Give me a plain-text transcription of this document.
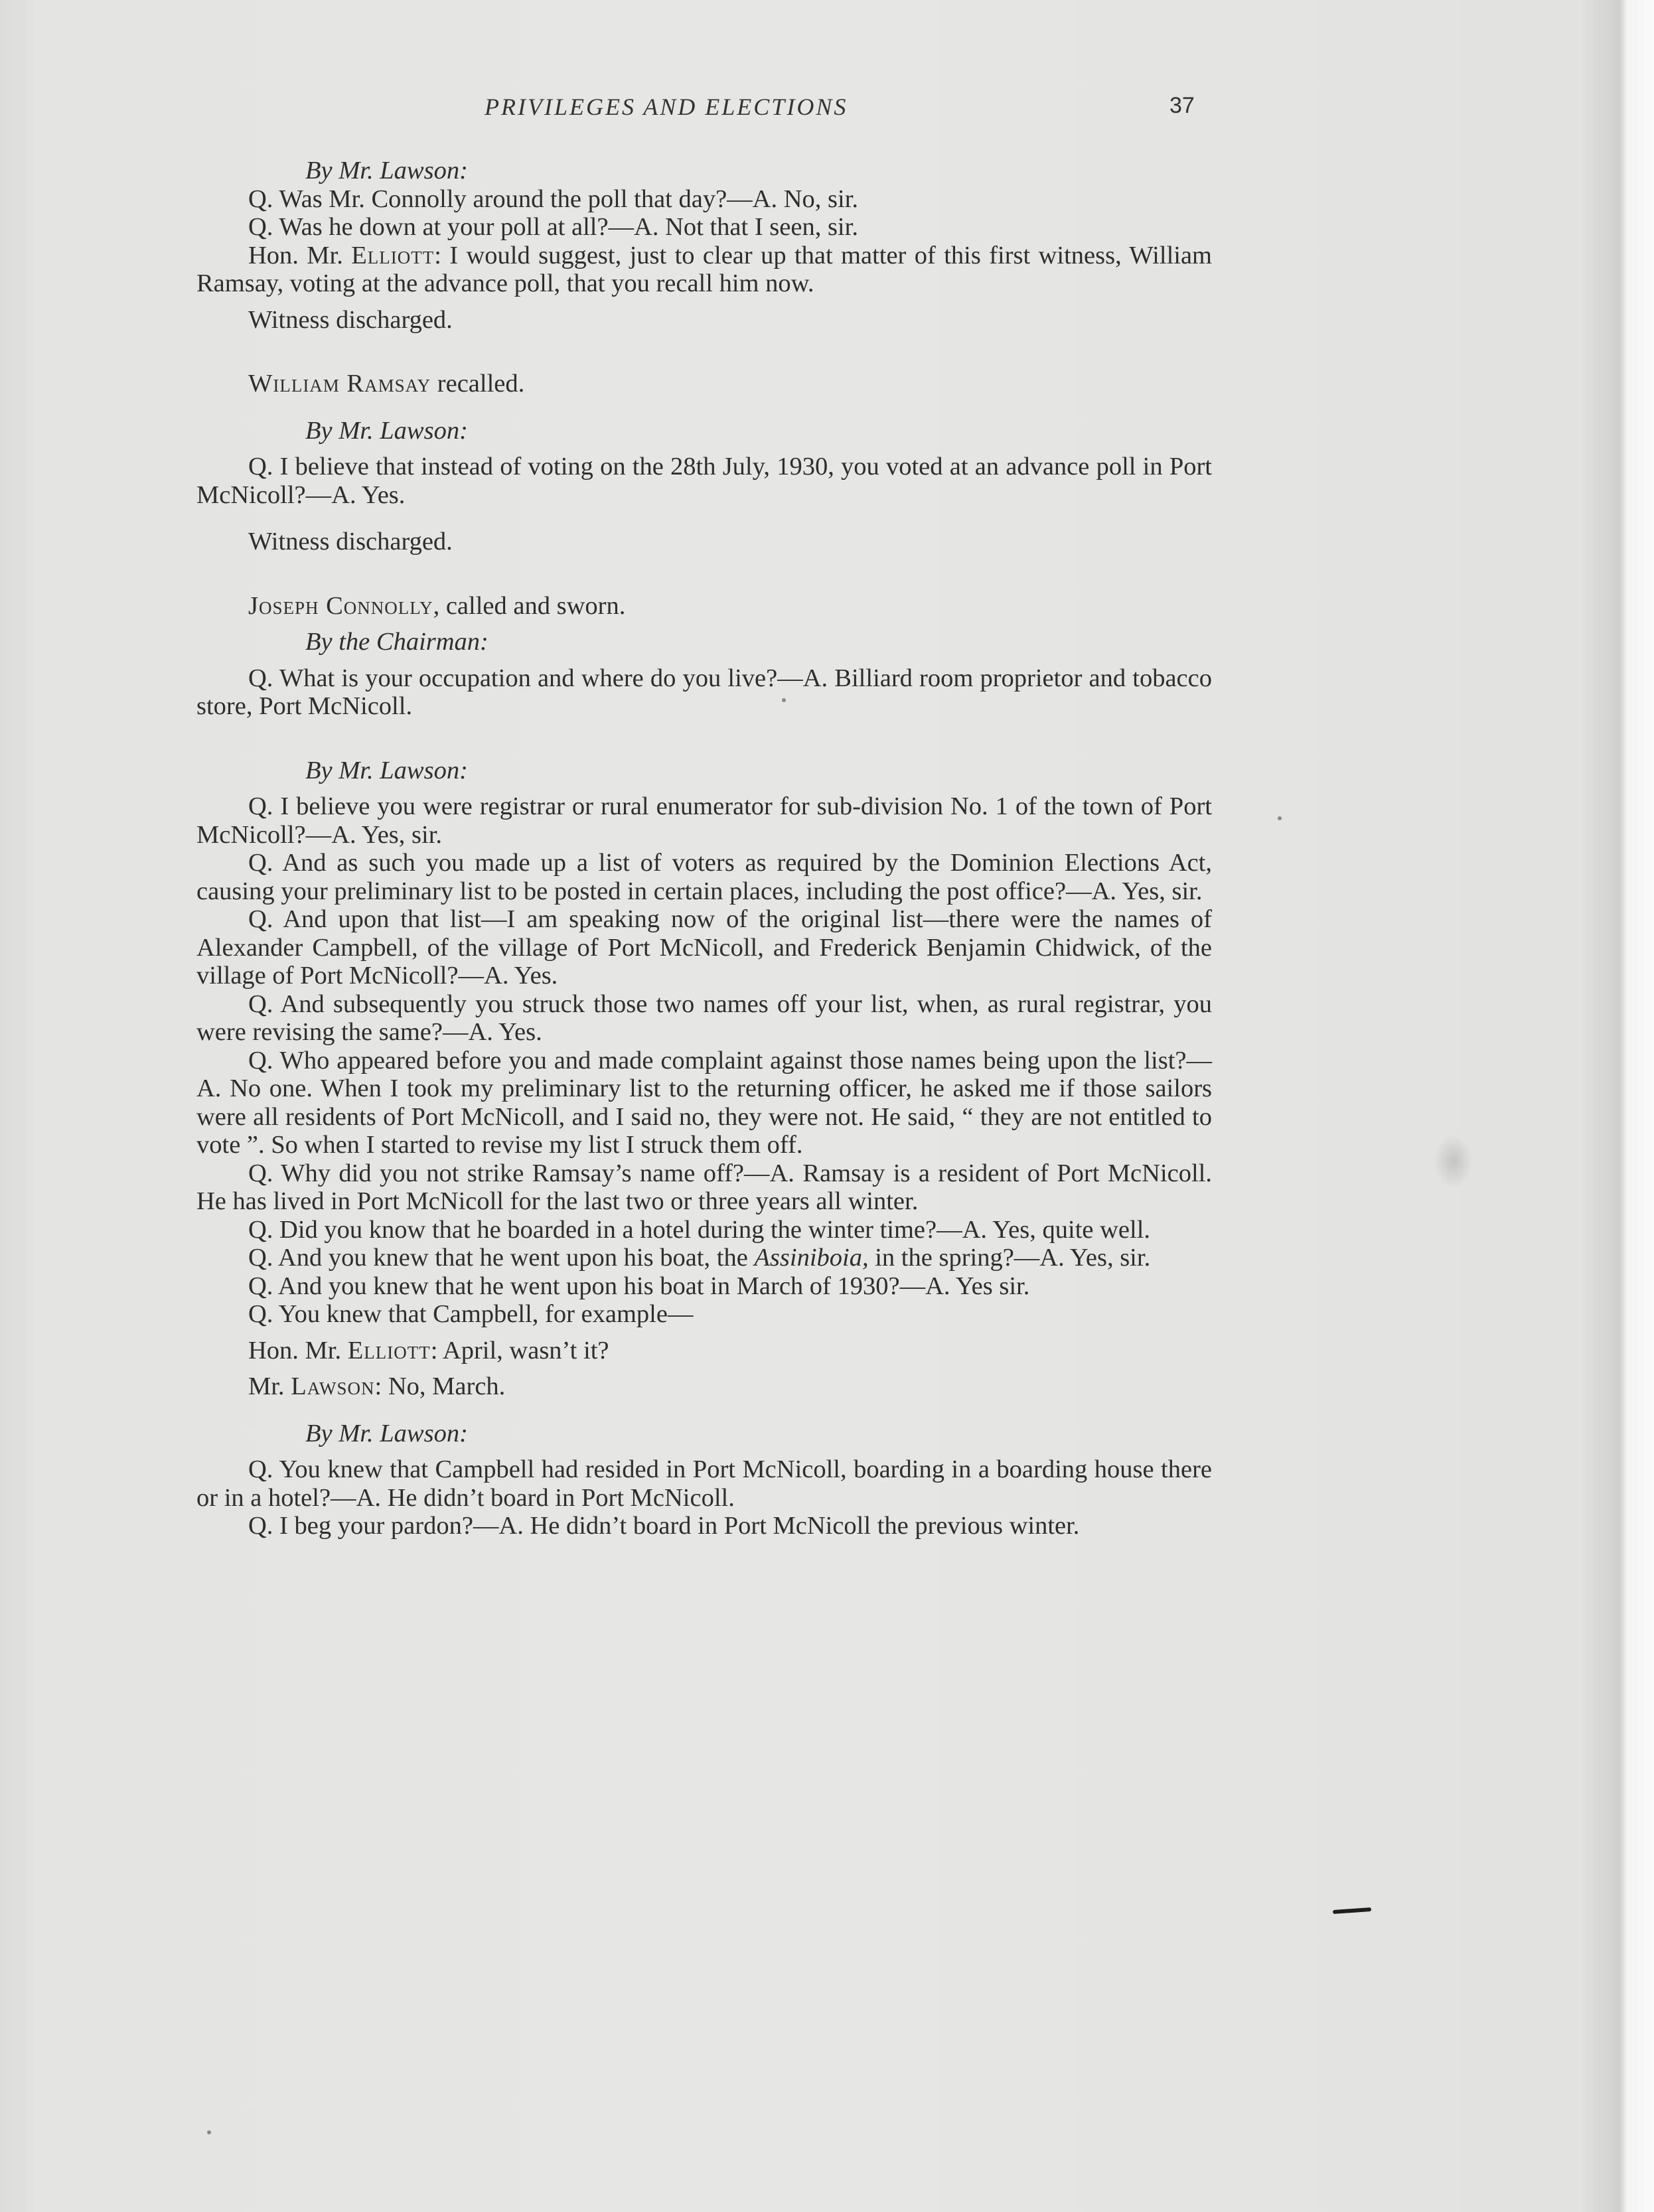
PRIVILEGES AND ELECTIONS	37

By Mr. Lawson:

Q. Was Mr. Connolly around the poll that day?—A. No, sir.

Q. Was he down at your poll at all?—A. Not that I seen, sir.

Hon. Mr. Elliott: I would suggest, just to clear up that matter of this first witness, William Ramsay, voting at the advance poll, that you recall him now.

Witness discharged.

William Ramsay recalled.

By Mr. Lawson:

Q. I believe that instead of voting on the 28th July, 1930, you voted at an advance poll in Port McNicoll?—A. Yes.

Witness discharged.

Joseph Connolly, called and sworn.

By the Chairman:

Q. What is your occupation and where do you live?—A. Billiard room proprietor and tobacco store, Port McNicoll.

By Mr. Lawson:

Q. I believe you were registrar or rural enumerator for sub-division No. 1 of the town of Port McNicoll?—A. Yes, sir.

Q. And as such you made up a list of voters as required by the Dominion Elections Act, causing your preliminary list to be posted in certain places, including the post office?—A. Yes, sir.

Q. And upon that list—I am speaking now of the original list—there were the names of Alexander Campbell, of the village of Port McNicoll, and Frederick Benjamin Chidwick, of the village of Port McNicoll?—A. Yes.

Q. And subsequently you struck those two names off your list, when, as rural registrar, you were revising the same?—A. Yes.

Q. Who appeared before you and made complaint against those names being upon the list?—A. No one. When I took my preliminary list to the returning officer, he asked me if those sailors were all residents of Port McNicoll, and I said no, they were not. He said, “ they are not entitled to vote ”. So when I started to revise my list I struck them off.

Q. Why did you not strike Ramsay’s name off?—A. Ramsay is a resident of Port McNicoll. He has lived in Port McNicoll for the last two or three years all winter.

Q. Did you know that he boarded in a hotel during the winter time?—A. Yes, quite well.

Q. And you knew that he went upon his boat, the Assiniboia, in the spring?—A. Yes, sir.

Q. And you knew that he went upon his boat in March of 1930?—A. Yes sir.

Q. You knew that Campbell, for example—

Hon. Mr. Elliott: April, wasn’t it?

Mr. Lawson: No, March.

By Mr. Lawson:

Q. You knew that Campbell had resided in Port McNicoll, boarding in a boarding house there or in a hotel?—A. He didn’t board in Port McNicoll.

Q. I beg your pardon?—A. He didn’t board in Port McNicoll the previous winter.
